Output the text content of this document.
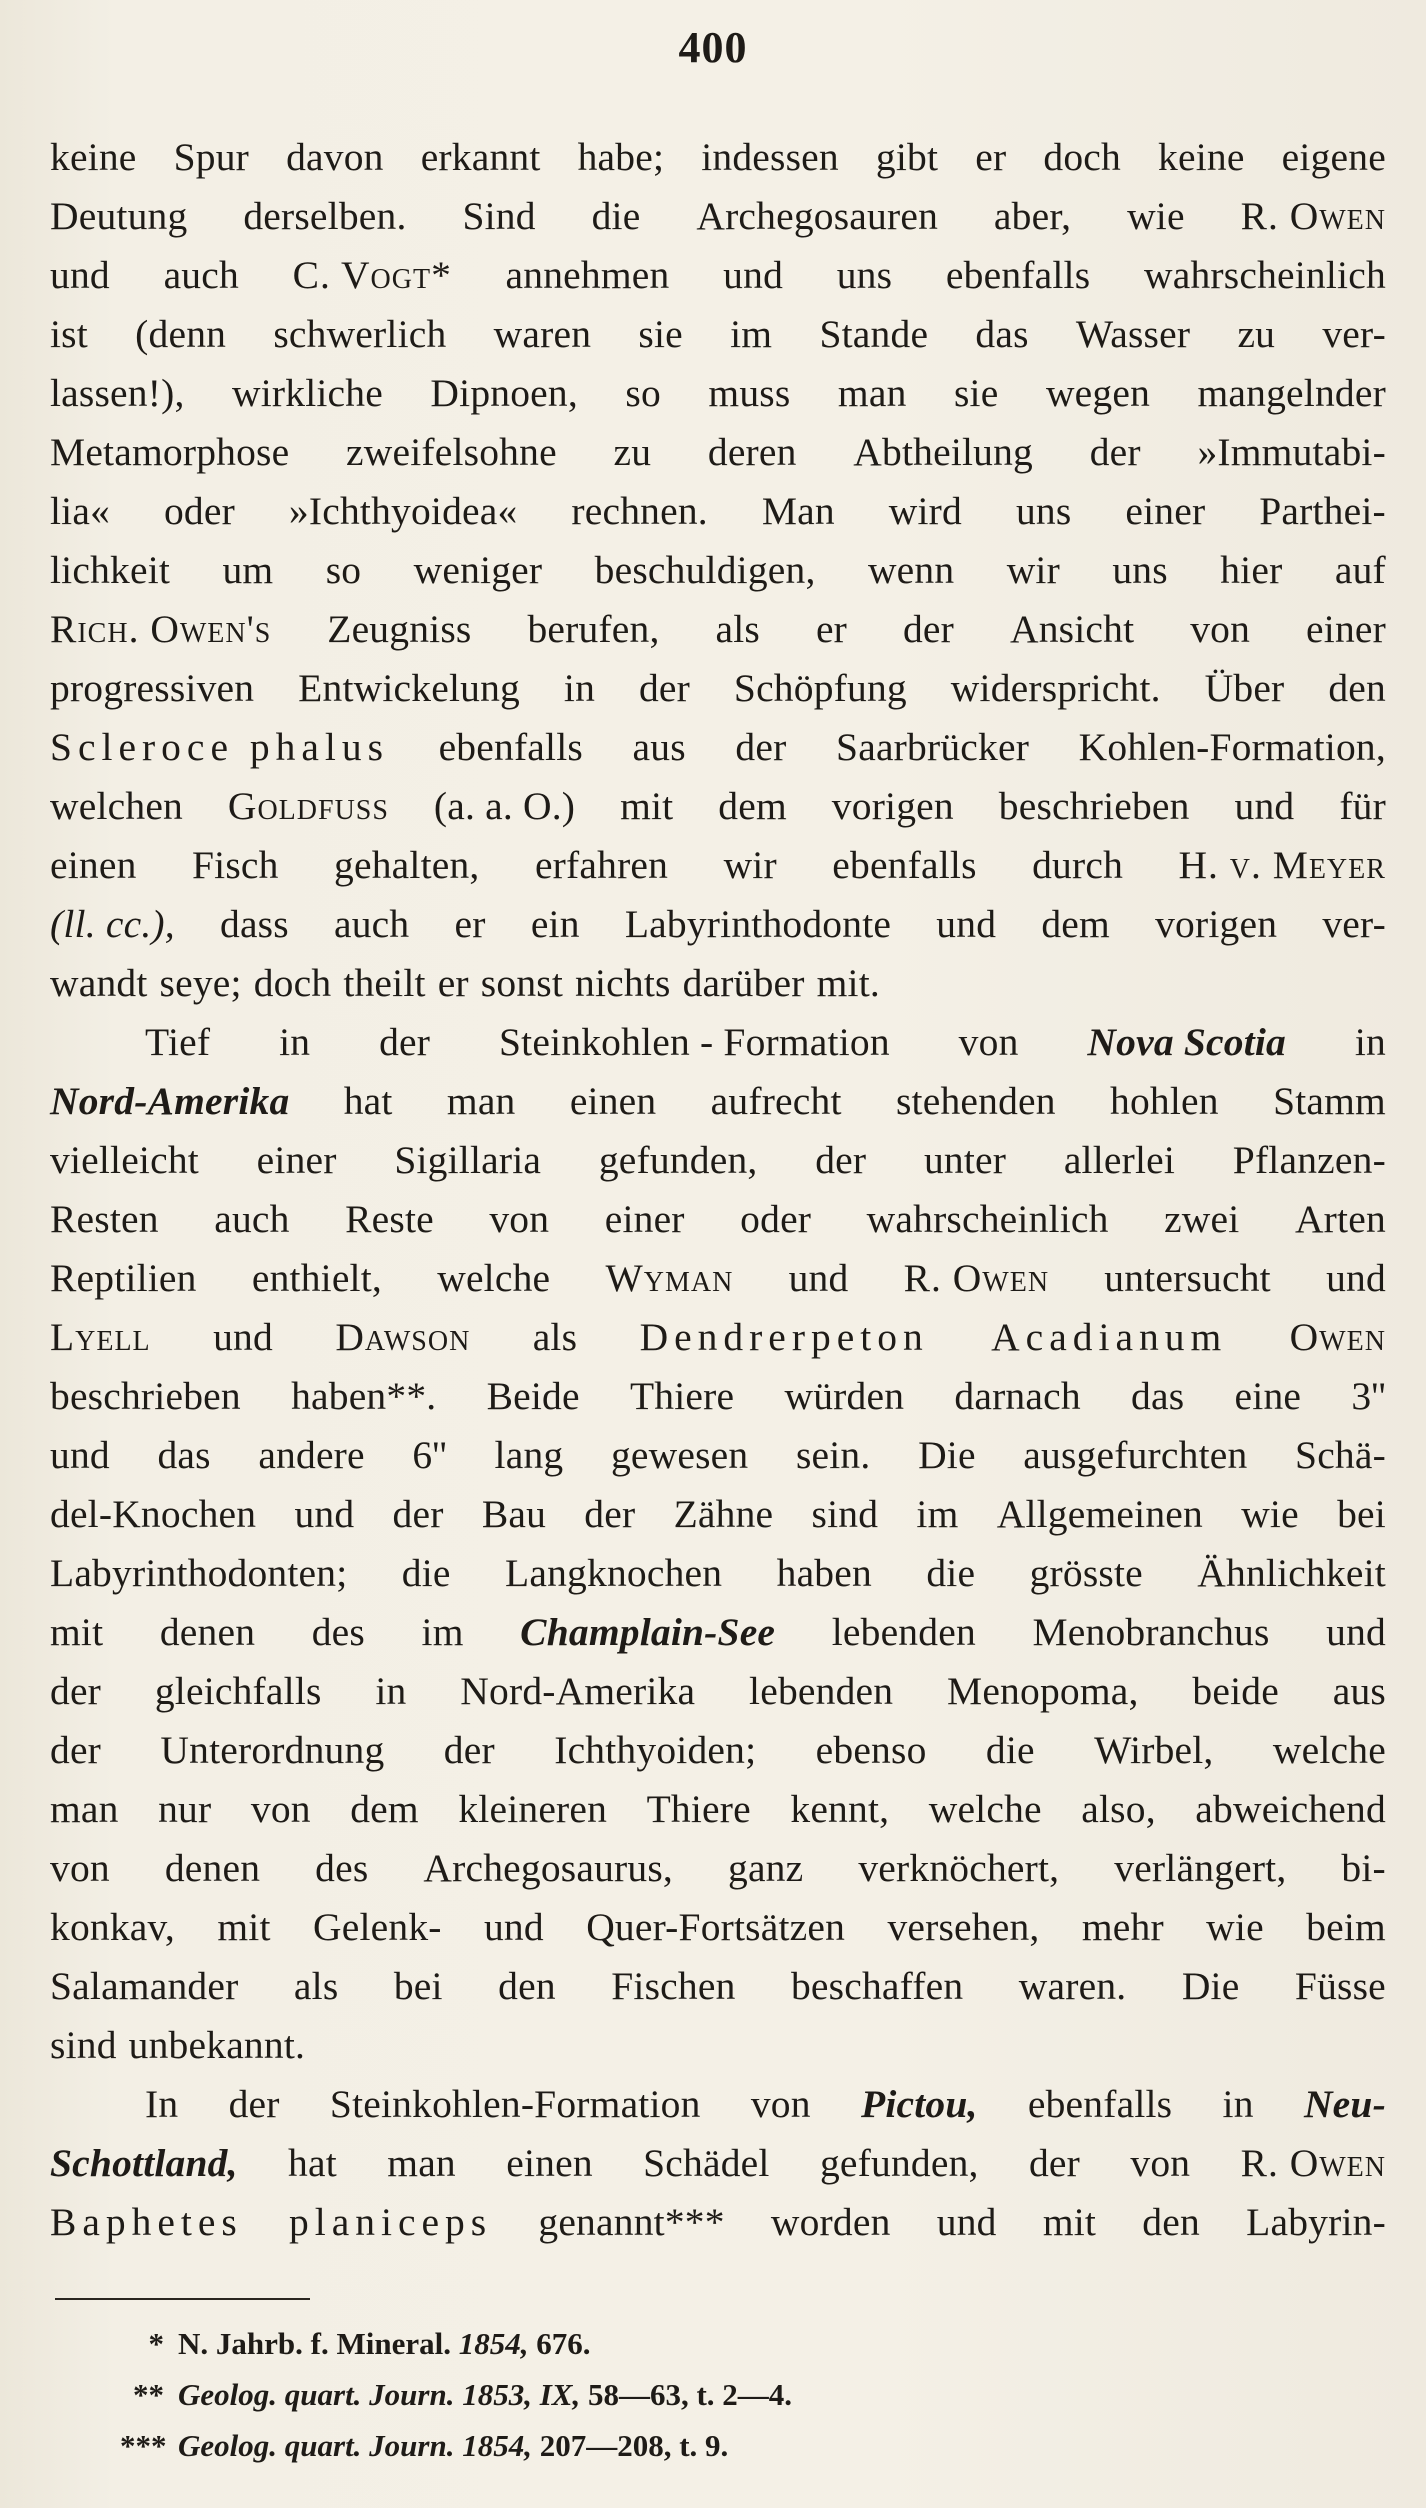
400
keine Spur davon erkannt habe; indessen gibt er doch keine eigene
Deutung derselben. Sind die Archegosauren aber, wie R. Owen
und auch C. Vogt* annehmen und uns ebenfalls wahrscheinlich
ist (denn schwerlich waren sie im Stande das Wasser zu ver-
lassen!), wirkliche Dipnoen, so muss man sie wegen mangelnder
Metamorphose zweifelsohne zu deren Abtheilung der »Immutabi-
lia« oder »Ichthyoidea« rechnen. Man wird uns einer Parthei-
lichkeit um so weniger beschuldigen, wenn wir uns hier auf
Rich. Owen's Zeugniss berufen, als er der Ansicht von einer
progressiven Entwickelung in der Schöpfung widerspricht. Über den
Scleroce phalus ebenfalls aus der Saarbrücker Kohlen-Formation,
welchen Goldfuss (a. a. O.) mit dem vorigen beschrieben und für
einen Fisch gehalten, erfahren wir ebenfalls durch H. v. Meyer
(ll. cc.), dass auch er ein Labyrinthodonte und dem vorigen ver-
wandt seye; doch theilt er sonst nichts darüber mit.
Tief in der Steinkohlen - Formation von Nova Scotia in
Nord-Amerika hat man einen aufrecht stehenden hohlen Stamm
vielleicht einer Sigillaria gefunden, der unter allerlei Pflanzen-
Resten auch Reste von einer oder wahrscheinlich zwei Arten
Reptilien enthielt, welche Wyman und R. Owen untersucht und
Lyell und Dawson als Dendrerpeton Acadianum Owen
beschrieben haben**. Beide Thiere würden darnach das eine 3''
und das andere 6'' lang gewesen sein. Die ausgefurchten Schä-
del-Knochen und der Bau der Zähne sind im Allgemeinen wie bei
Labyrinthodonten; die Langknochen haben die grösste Ähnlichkeit
mit denen des im Champlain-See lebenden Menobranchus und
der gleichfalls in Nord-Amerika lebenden Menopoma, beide aus
der Unterordnung der Ichthyoiden; ebenso die Wirbel, welche
man nur von dem kleineren Thiere kennt, welche also, abweichend
von denen des Archegosaurus, ganz verknöchert, verlängert, bi-
konkav, mit Gelenk- und Quer-Fortsätzen versehen, mehr wie beim
Salamander als bei den Fischen beschaffen waren. Die Füsse
sind unbekannt.
In der Steinkohlen-Formation von Pictou, ebenfalls in Neu-
Schottland, hat man einen Schädel gefunden, der von R. Owen
Baphetes planiceps genannt*** worden und mit den Labyrin-
* N. Jahrb. f. Mineral. 1854, 676.
** Geolog. quart. Journ. 1853, IX, 58—63, t. 2—4.
*** Geolog. quart. Journ. 1854, 207—208, t. 9.
